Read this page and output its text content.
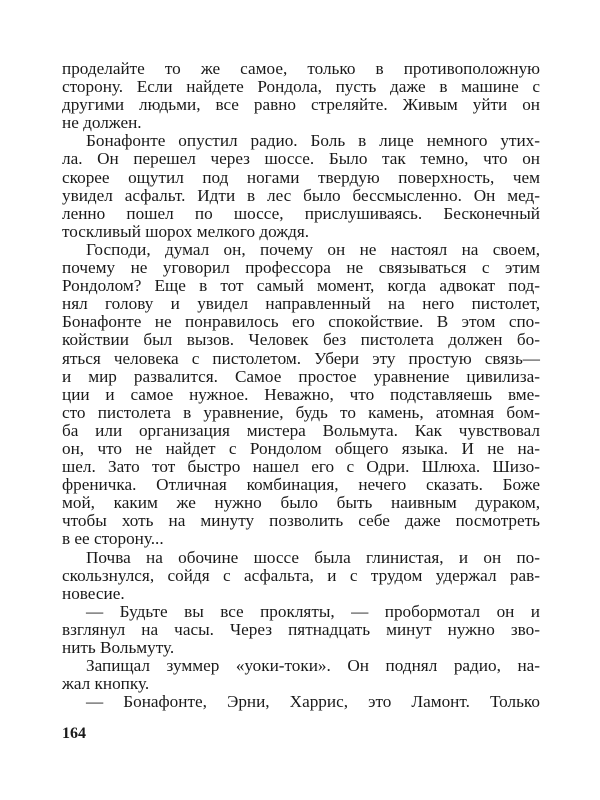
проделайте то же самое, только в противоположную
сторону. Если найдете Рондола, пусть даже в машине с
другими людьми, все равно стреляйте. Живым уйти он
не должен.
Бонафонте опустил радио. Боль в лице немного утих-
ла. Он перешел через шоссе. Было так темно, что он
скорее ощутил под ногами твердую поверхность, чем
увидел асфальт. Идти в лес было бессмысленно. Он мед-
ленно пошел по шоссе, прислушиваясь. Бесконечный
тоскливый шорох мелкого дождя.
Господи, думал он, почему он не настоял на своем,
почему не уговорил профессора не связываться с этим
Рондолом? Еще в тот самый момент, когда адвокат под-
нял голову и увидел направленный на него пистолет,
Бонафонте не понравилось его спокойствие. В этом спо-
койствии был вызов. Человек без пистолета должен бо-
яться человека с пистолетом. Убери эту простую связь—
и мир развалится. Самое простое уравнение цивилиза-
ции и самое нужное. Неважно, что подставляешь вме-
сто пистолета в уравнение, будь то камень, атомная бом-
ба или организация мистера Вольмута. Как чувствовал
он, что не найдет с Рондолом общего языка. И не на-
шел. Зато тот быстро нашел его с Одри. Шлюха. Шизо-
френичка. Отличная комбинация, нечего сказать. Боже
мой, каким же нужно было быть наивным дураком,
чтобы хоть на минуту позволить себе даже посмотреть
в ее сторону...
Почва на обочине шоссе была глинистая, и он по-
скользнулся, сойдя с асфальта, и с трудом удержал рав-
новесие.
— Будьте вы все прокляты, — пробормотал он и
взглянул на часы. Через пятнадцать минут нужно зво-
нить Вольмуту.
Запищал зуммер «уоки-токи». Он поднял радио, на-
жал кнопку.
— Бонафонте, Эрни, Харрис, это Ламонт. Только
164
